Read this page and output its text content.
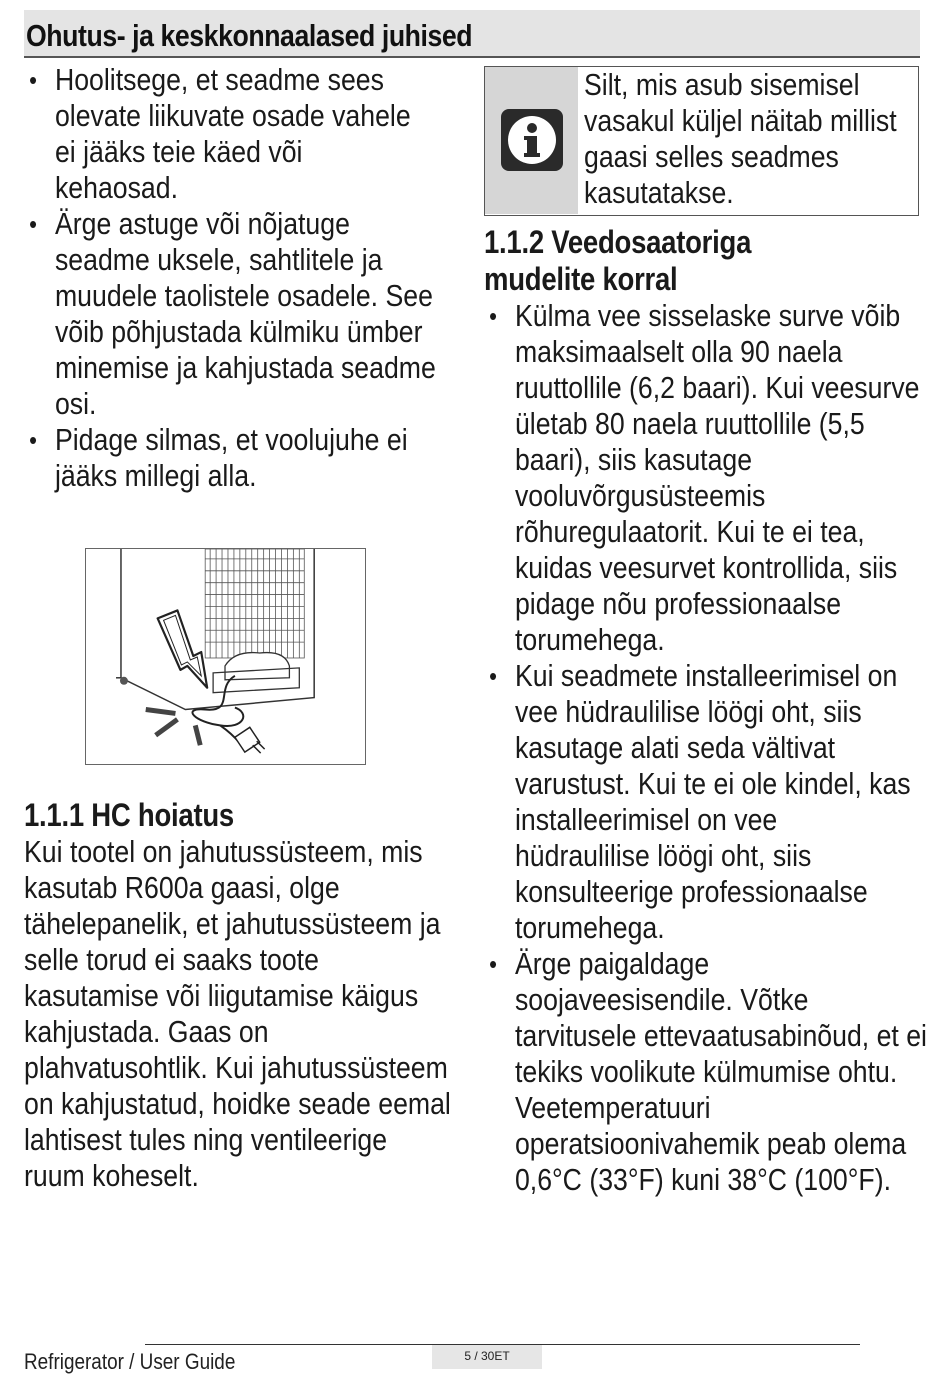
Ohutus- ja keskkonnaalased juhised
• Hoolitsege, et seadme sees olevate liikuvate osade vahele ei jääks teie käed või kehaosad.
• Ärge astuge või nõjatuge seadme uksele, sahtlitele ja muudele taolistele osadele. See võib põhjustada külmiku ümber minemise ja kahjustada seadme osi.
• Pidage silmas, et voolujuhe ei jääks millegi alla.
1.1.1 HC hoiatus

Kui tootel on jahutussüsteem, mis kasutab R600a gaasi, olge tähelepanelik, et jahutussüsteem ja selle torud ei saaks toote kasutamise või liigutamise käigus kahjustada. Gaas on plahvatusohtlik. Kui jahutussüsteem on kahjustatud, hoidke seade eemal lahtisest tules ning ventileerige ruum koheselt.

Silt, mis asub sisemisel vasakul küljel näitab millist gaasi selles seadmes kasutatakse.

1.1.2 Veedosaatoriga
mudelite korral
• Külma vee sisselaske surve võib maksimaalselt olla 90 naela ruuttollile (6,2 baari). Kui veesurve ületab 80 naela ruuttollile (5,5 baari), siis kasutage vooluvõrgusüsteemis rõhuregulaatorit. Kui te ei tea, kuidas veesurvet kontrollida, siis pidage nõu professionaalse torumehega.
• Kui seadmete installeerimisel on vee hüdraulilise löögi oht, siis kasutage alati seda vältivat varustust. Kui te ei ole kindel, kas installeerimisel on vee hüdraulilise löögi oht, siis konsulteerige professionaalse torumehega.
• Ärge paigaldage soojaveesisendile. Võtke tarvitusele ettevaatusabinõud, et ei tekiks voolikute külmumise ohtu. Veetemperatuuri operatsioonivahemik peab olema 0,6°C (33°F) kuni 38°C (100°F).
Refrigerator / User Guide	5 / 30ET
